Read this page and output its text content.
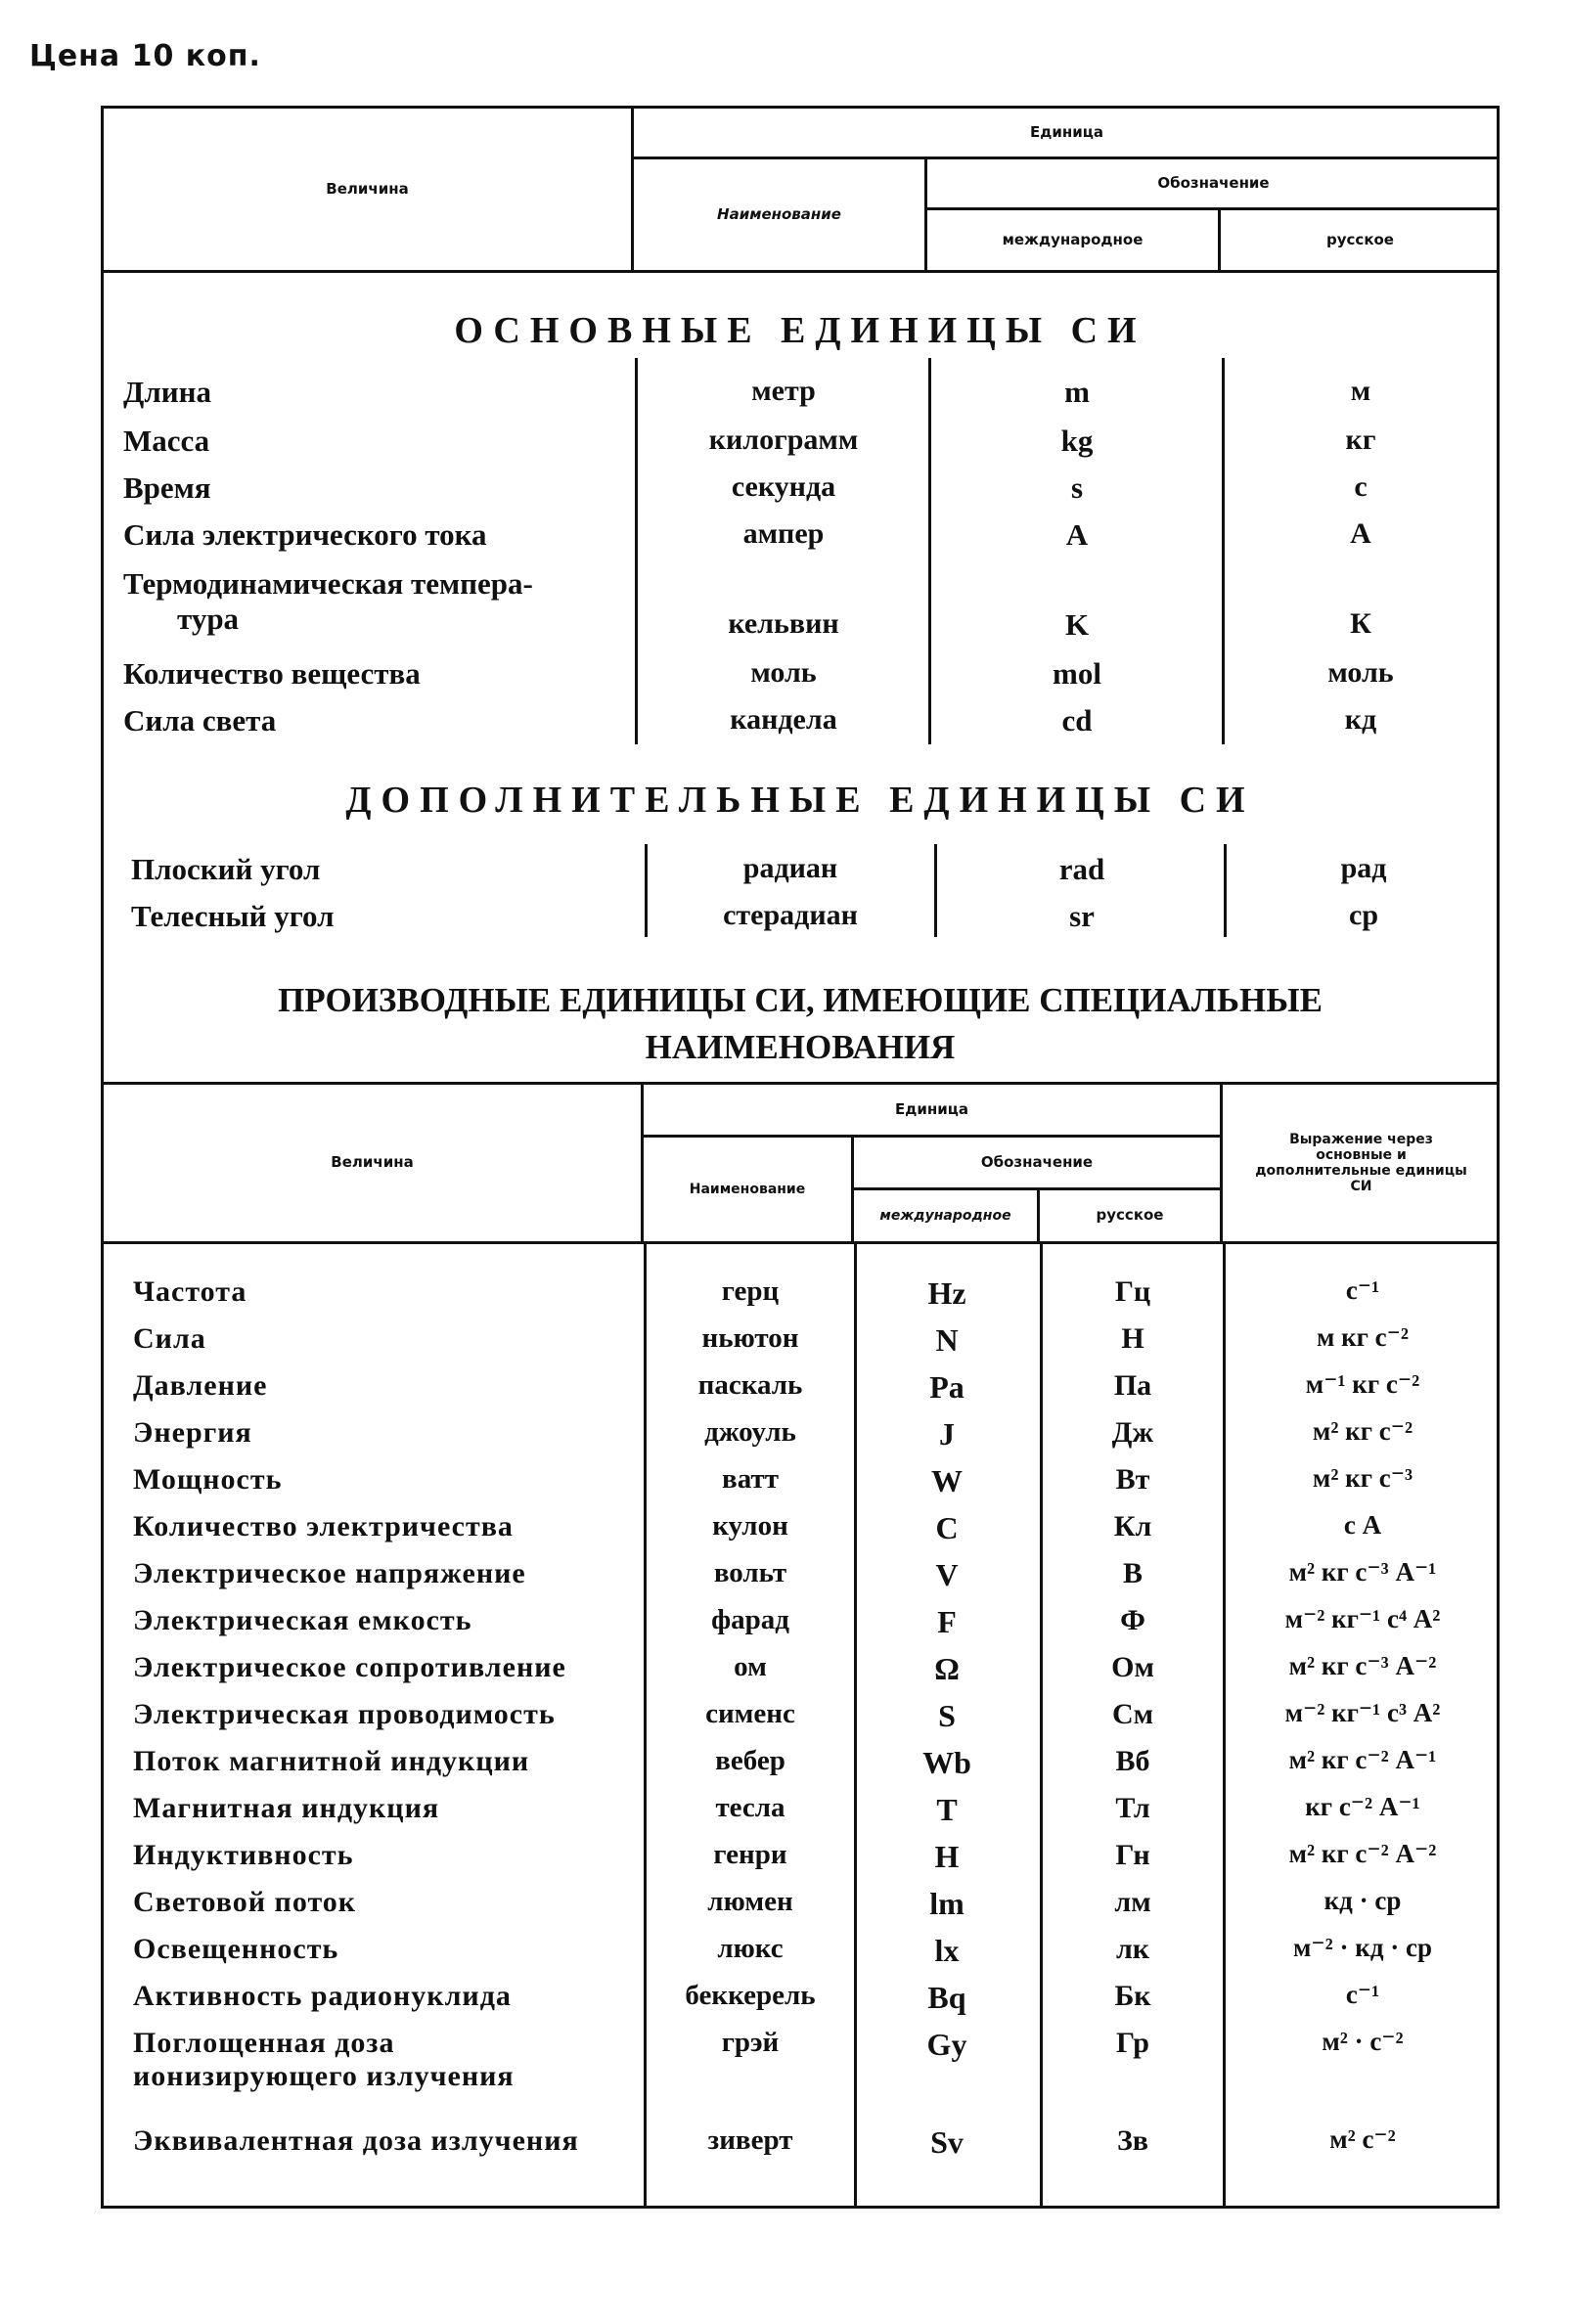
Цена 10 коп.
Величина
Единица
Наименование
Обозначение
международное	русское
ОСНОВНЫЕ ЕДИНИЦЫ СИ
Длина	метр	m	м
Масса	килограмм	kg	кг
Время	секунда	s	с
Сила электрического тока	ампер	A	А
Термодинамическая темпера-
тура	кельвин	K	К
Количество вещества	моль	mol	моль
Сила света	кандела	cd	кд
ДОПОЛНИТЕЛЬНЫЕ ЕДИНИЦЫ СИ
Плоский угол	радиан	rad	рад
Телесный угол	стерадиан	sr	ср
ПРОИЗВОДНЫЕ ЕДИНИЦЫ СИ, ИМЕЮЩИЕ СПЕЦИАЛЬНЫЕ
НАИМЕНОВАНИЯ
Величина
Единица
Наименование
Обозначение
международное	русское
Выражение через основные и дополнительные единицы СИ
Частота	герц	Hz	Гц	с⁻¹
Сила	ньютон	N	Н	м кг с⁻²
Давление	паскаль	Pa	Па	м⁻¹ кг с⁻²
Энергия	джоуль	J	Дж	м² кг с⁻²
Мощность	ватт	W	Вт	м² кг с⁻³
Количество электричества	кулон	C	Кл	с А
Электрическое напряжение	вольт	V	В	м² кг с⁻³ А⁻¹
Электрическая емкость	фарад	F	Ф	м⁻² кг⁻¹ с⁴ А²
Электрическое сопротивление	ом	Ω	Ом	м² кг с⁻³ А⁻²
Электрическая проводимость	сименс	S	См	м⁻² кг⁻¹ с³ А²
Поток магнитной индукции	вебер	Wb	Вб	м² кг с⁻² А⁻¹
Магнитная индукция	тесла	T	Тл	кг с⁻² А⁻¹
Индуктивность	генри	H	Гн	м² кг с⁻² А⁻²
Световой поток	люмен	lm	лм	кд · ср
Освещенность	люкс	lx	лк	м⁻² · кд · ср
Активность радионуклида	беккерель	Bq	Бк	с⁻¹
Поглощенная доза
ионизирующего излучения
грэй	Gy	Гр	м² · с⁻²
Эквивалентная доза излучения	зиверт	Sv	Зв	м² с⁻²
